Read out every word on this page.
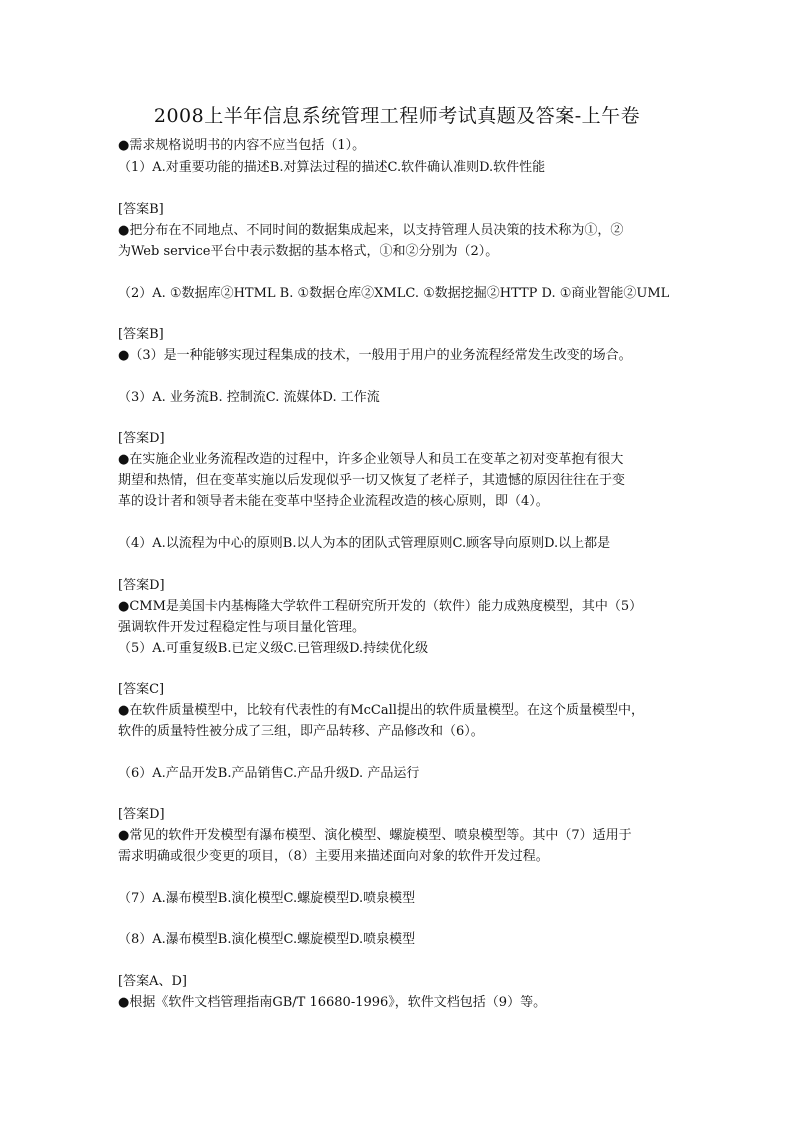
2008上半年信息系统管理工程师考试真题及答案-上午卷
●需求规格说明书的内容不应当包括（1）。
（1）A.对重要功能的描述B.对算法过程的描述C.软件确认准则D.软件性能
[答案B]
●把分布在不同地点、不同时间的数据集成起来，以支持管理人员决策的技术称为①，②
为Web service平台中表示数据的基本格式，①和②分别为（2）。
（2）A. ①数据库②HTML B. ①数据仓库②XMLC. ①数据挖掘②HTTP D. ①商业智能②UML
[答案B]
●（3）是一种能够实现过程集成的技术，一般用于用户的业务流程经常发生改变的场合。
（3）A. 业务流B. 控制流C. 流媒体D. 工作流
[答案D]
●在实施企业业务流程改造的过程中，许多企业领导人和员工在变革之初对变革抱有很大
期望和热情，但在变革实施以后发现似乎一切又恢复了老样子，其遗憾的原因往往在于变
革的设计者和领导者未能在变革中坚持企业流程改造的核心原则，即（4）。
（4）A.以流程为中心的原则B.以人为本的团队式管理原则C.顾客导向原则D.以上都是
[答案D]
●CMM是美国卡内基梅隆大学软件工程研究所开发的（软件）能力成熟度模型，其中（5）
强调软件开发过程稳定性与项目量化管理。
（5）A.可重复级B.已定义级C.已管理级D.持续优化级
[答案C]
●在软件质量模型中，比较有代表性的有McCall提出的软件质量模型。在这个质量模型中，
软件的质量特性被分成了三组，即产品转移、产品修改和（6）。
（6）A.产品开发B.产品销售C.产品升级D. 产品运行
[答案D]
●常见的软件开发模型有瀑布模型、演化模型、螺旋模型、喷泉模型等。其中（7）适用于
需求明确或很少变更的项目，（8）主要用来描述面向对象的软件开发过程。
（7）A.瀑布模型B.演化模型C.螺旋模型D.喷泉模型
（8）A.瀑布模型B.演化模型C.螺旋模型D.喷泉模型
[答案A、D]
●根据《软件文档管理指南GB/T 16680-1996》，软件文档包括（9）等。
